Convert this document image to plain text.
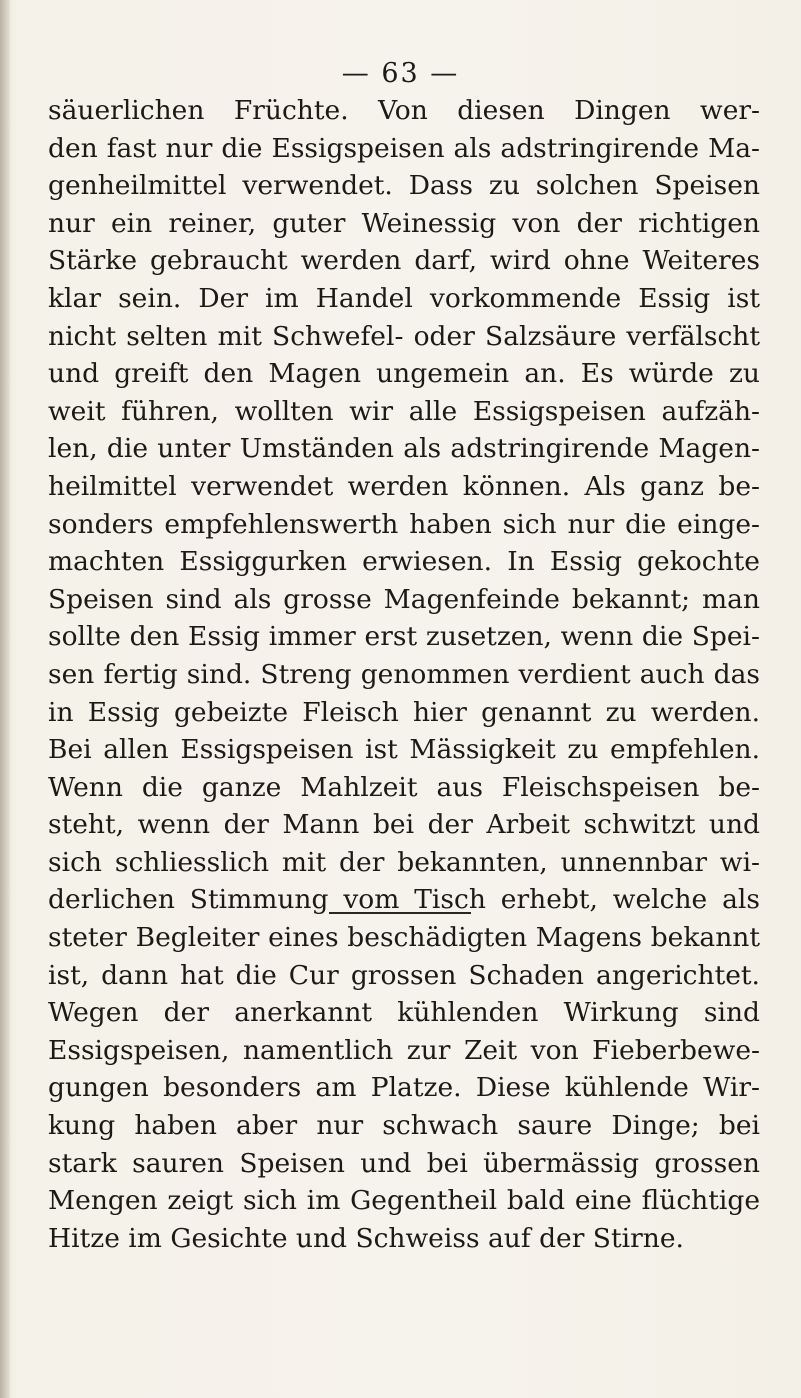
— 63 —
säuerlichen Früchte. Von diesen Dingen wer-
den fast nur die Essigspeisen als adstringirende Ma-
genheilmittel verwendet. Dass zu solchen Speisen
nur ein reiner, guter Weinessig von der richtigen
Stärke gebraucht werden darf, wird ohne Weiteres
klar sein. Der im Handel vorkommende Essig ist
nicht selten mit Schwefel- oder Salzsäure verfälscht
und greift den Magen ungemein an. Es würde zu
weit führen, wollten wir alle Essigspeisen aufzäh-
len, die unter Umständen als adstringirende Magen-
heilmittel verwendet werden können. Als ganz be-
sonders empfehlenswerth haben sich nur die einge-
machten Essiggurken erwiesen. In Essig gekochte
Speisen sind als grosse Magenfeinde bekannt; man
sollte den Essig immer erst zusetzen, wenn die Spei-
sen fertig sind. Streng genommen verdient auch das
in Essig gebeizte Fleisch hier genannt zu werden.
Bei allen Essigspeisen ist Mässigkeit zu empfehlen.
Wenn die ganze Mahlzeit aus Fleischspeisen be-
steht, wenn der Mann bei der Arbeit schwitzt und
sich schliesslich mit der bekannten, unnennbar wi-
derlichen Stimmung vom Tisch erhebt, welche als
steter Begleiter eines beschädigten Magens bekannt
ist, dann hat die Cur grossen Schaden angerichtet.
Wegen der anerkannt kühlenden Wirkung sind
Essigspeisen, namentlich zur Zeit von Fieberbewe-
gungen besonders am Platze. Diese kühlende Wir-
kung haben aber nur schwach saure Dinge; bei
stark sauren Speisen und bei übermässig grossen
Mengen zeigt sich im Gegentheil bald eine flüchtige
Hitze im Gesichte und Schweiss auf der Stirne.
